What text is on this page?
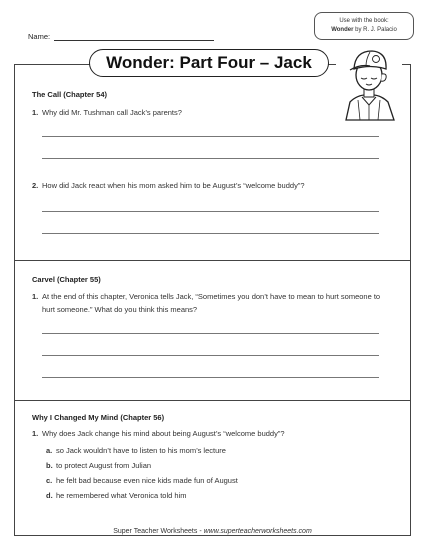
Name:
Use with the book:
Wonder by R. J. Palacio
Wonder: Part Four – Jack
The Call (Chapter 54)
1. Why did Mr. Tushman call Jack’s parents?
2. How did Jack react when his mom asked him to be August’s “welcome buddy”?
Carvel (Chapter 55)
1. At the end of this chapter, Veronica tells Jack, “Sometimes you don’t have to mean to hurt someone to hurt someone.” What do you think this means?
Why I Changed My Mind (Chapter 56)
1. Why does Jack change his mind about being August’s “welcome buddy”?
a. so Jack wouldn’t have to listen to his mom’s lecture
b. to protect August from Julian
c. he felt bad because even nice kids made fun of August
d. he remembered what Veronica told him
Super Teacher Worksheets - www.superteacherworksheets.com
